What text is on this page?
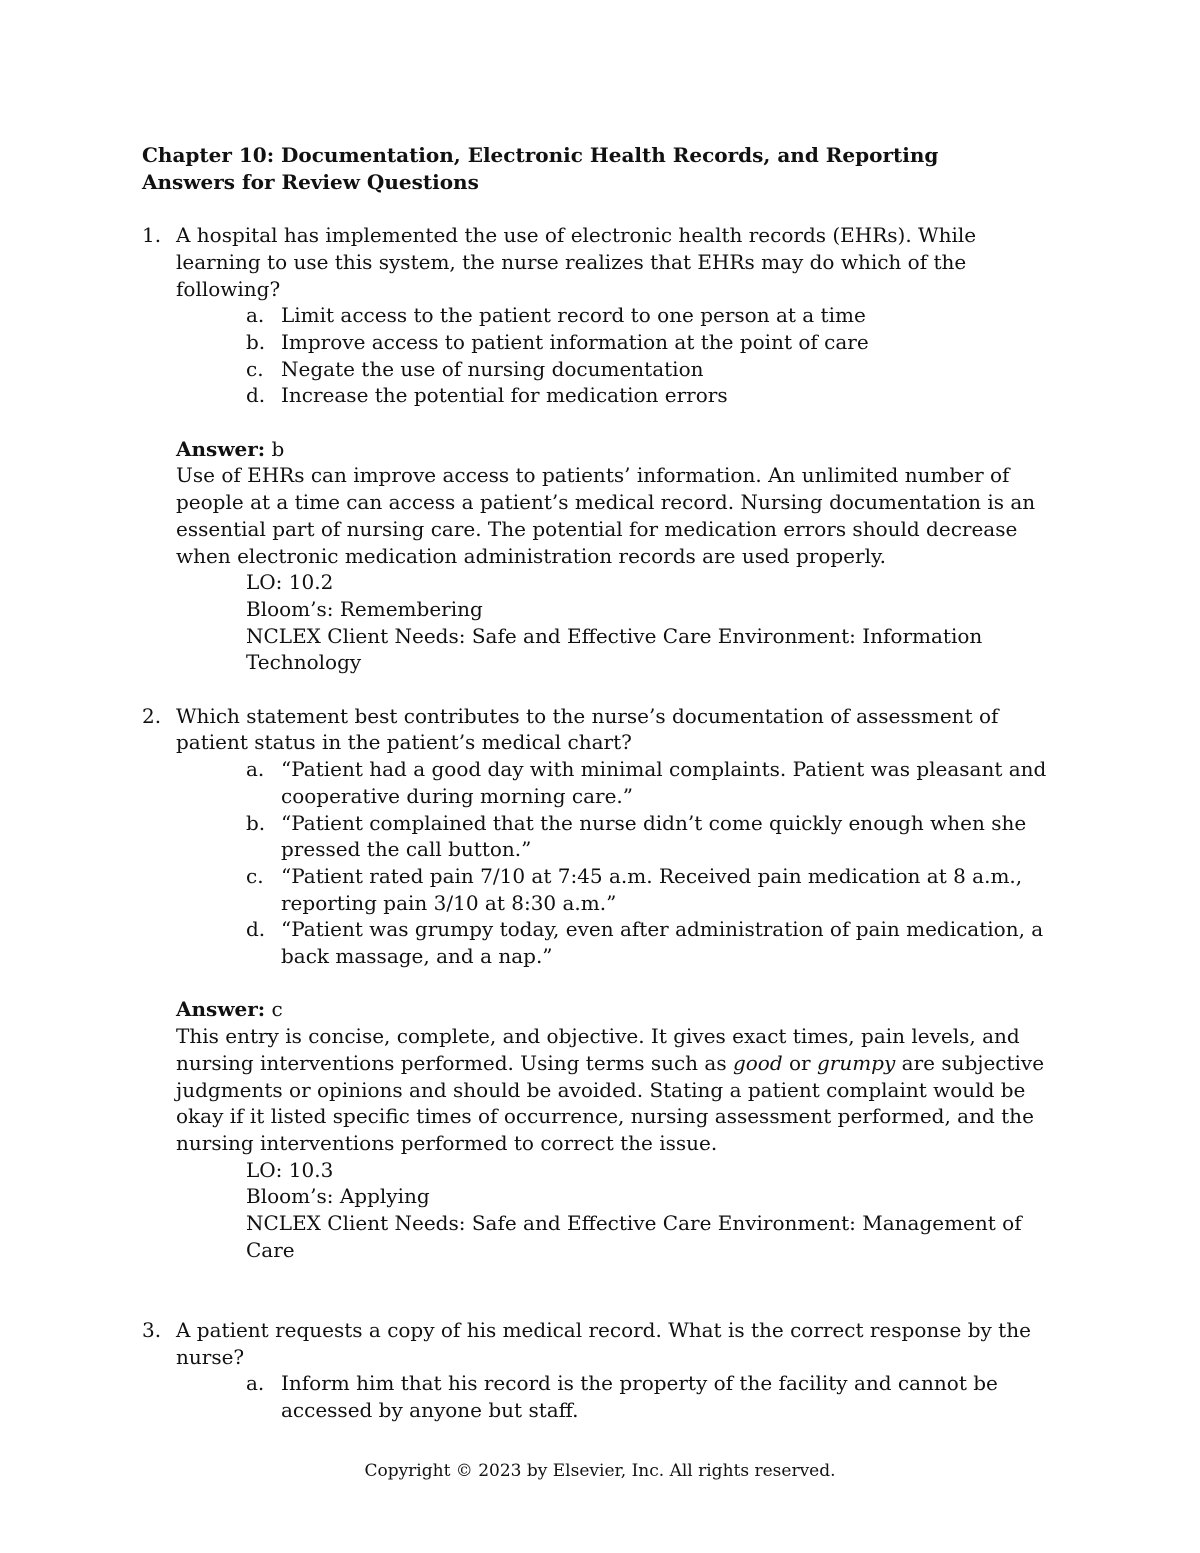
Chapter 10: Documentation, Electronic Health Records, and Reporting

Answers for Review Questions

1. A hospital has implemented the use of electronic health records (EHRs). While learning to use this system, the nurse realizes that EHRs may do which of the following?
a. Limit access to the patient record to one person at a time
b. Improve access to patient information at the point of care
c. Negate the use of nursing documentation
d. Increase the potential for medication errors
Answer: b
Use of EHRs can improve access to patients’ information. An unlimited number of people at a time can access a patient’s medical record. Nursing documentation is an essential part of nursing care. The potential for medication errors should decrease when electronic medication administration records are used properly.
LO: 10.2
Bloom’s: Remembering
NCLEX Client Needs: Safe and Effective Care Environment: Information Technology
2. Which statement best contributes to the nurse’s documentation of assessment of patient status in the patient’s medical chart?
a. “Patient had a good day with minimal complaints. Patient was pleasant and cooperative during morning care.”
b. “Patient complained that the nurse didn’t come quickly enough when she pressed the call button.”
c. “Patient rated pain 7/10 at 7:45 a.m. Received pain medication at 8 a.m., reporting pain 3/10 at 8:30 a.m.”
d. “Patient was grumpy today, even after administration of pain medication, a back massage, and a nap.”
Answer: c
This entry is concise, complete, and objective. It gives exact times, pain levels, and nursing interventions performed. Using terms such as good or grumpy are subjective judgments or opinions and should be avoided. Stating a patient complaint would be okay if it listed specific times of occurrence, nursing assessment performed, and the nursing interventions performed to correct the issue.
LO: 10.3
Bloom’s: Applying
NCLEX Client Needs: Safe and Effective Care Environment: Management of Care
3. A patient requests a copy of his medical record. What is the correct response by the nurse?
a. Inform him that his record is the property of the facility and cannot be accessed by anyone but staff.
Copyright © 2023 by Elsevier, Inc. All rights reserved.
